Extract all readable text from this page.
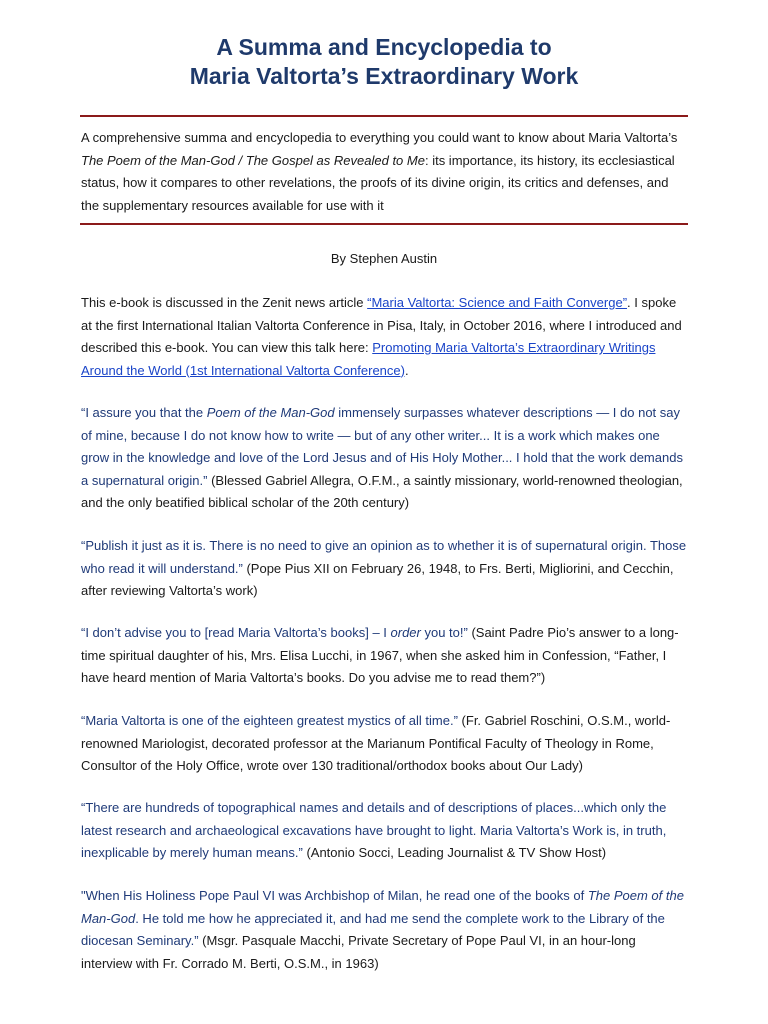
A Summa and Encyclopedia to
Maria Valtorta’s Extraordinary Work

A comprehensive summa and encyclopedia to everything you could want to know about Maria Valtorta’s The Poem of the Man-God / The Gospel as Revealed to Me: its importance, its history, its ecclesiastical status, how it compares to other revelations, the proofs of its divine origin, its critics and defenses, and the supplementary resources available for use with it

By Stephen Austin

This e-book is discussed in the Zenit news article “Maria Valtorta: Science and Faith Converge”. I spoke at the first International Italian Valtorta Conference in Pisa, Italy, in October 2016, where I introduced and described this e-book. You can view this talk here: Promoting Maria Valtorta’s Extraordinary Writings Around the World (1st International Valtorta Conference).

“I assure you that the Poem of the Man-God immensely surpasses whatever descriptions — I do not say of mine, because I do not know how to write — but of any other writer... It is a work which makes one grow in the knowledge and love of the Lord Jesus and of His Holy Mother... I hold that the work demands a supernatural origin.” (Blessed Gabriel Allegra, O.F.M., a saintly missionary, world-renowned theologian, and the only beatified biblical scholar of the 20th century)

“Publish it just as it is. There is no need to give an opinion as to whether it is of supernatural origin. Those who read it will understand.” (Pope Pius XII on February 26, 1948, to Frs. Berti, Migliorini, and Cecchin, after reviewing Valtorta’s work)

“I don’t advise you to [read Maria Valtorta’s books] – I order you to!” (Saint Padre Pio’s answer to a long-time spiritual daughter of his, Mrs. Elisa Lucchi, in 1967, when she asked him in Confession, “Father, I have heard mention of Maria Valtorta’s books. Do you advise me to read them?”)

“Maria Valtorta is one of the eighteen greatest mystics of all time.” (Fr. Gabriel Roschini, O.S.M., world-renowned Mariologist, decorated professor at the Marianum Pontifical Faculty of Theology in Rome, Consultor of the Holy Office, wrote over 130 traditional/orthodox books about Our Lady)

“There are hundreds of topographical names and details and of descriptions of places...which only the latest research and archaeological excavations have brought to light. Maria Valtorta’s Work is, in truth, inexplicable by merely human means.” (Antonio Socci, Leading Journalist & TV Show Host)

"When His Holiness Pope Paul VI was Archbishop of Milan, he read one of the books of The Poem of the Man-God. He told me how he appreciated it, and had me send the complete work to the Library of the diocesan Seminary.” (Msgr. Pasquale Macchi, Private Secretary of Pope Paul VI, in an hour-long interview with Fr. Corrado M. Berti, O.S.M., in 1963)
